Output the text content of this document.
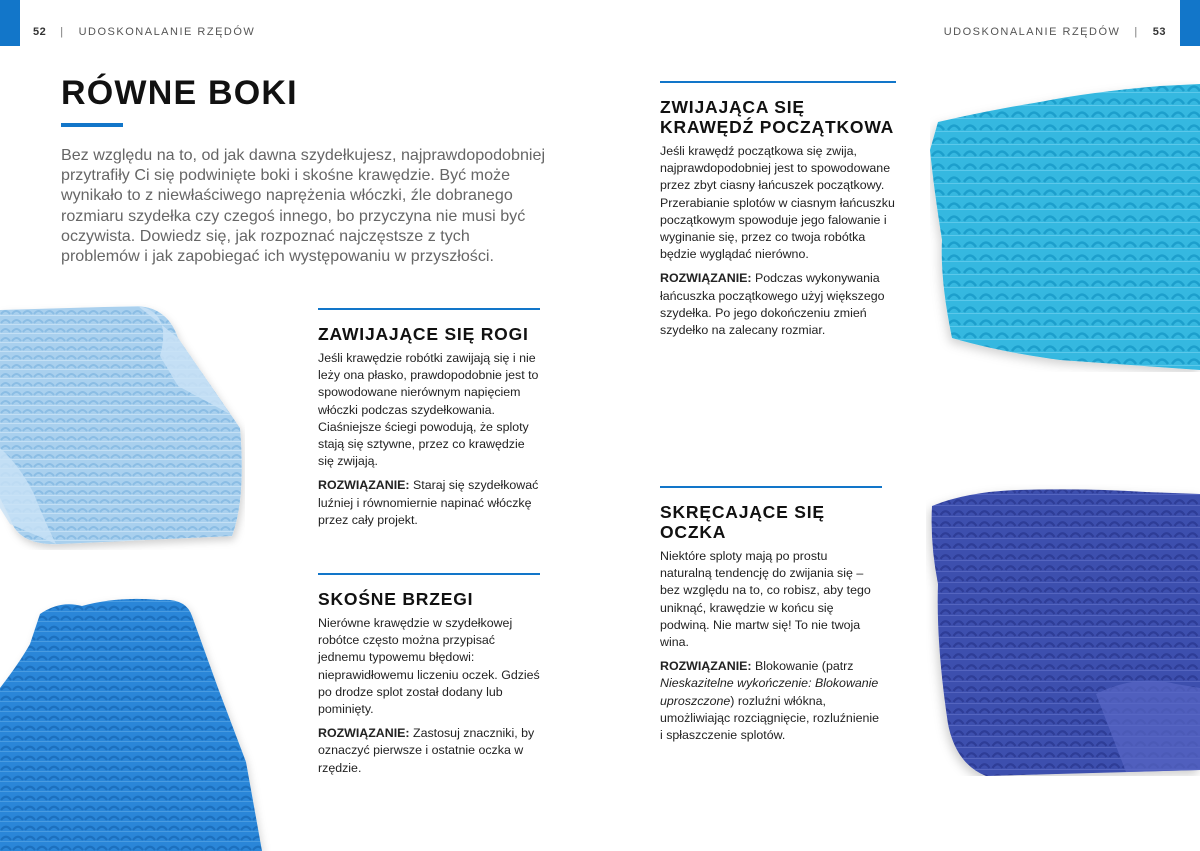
52 | UDOSKONALANIE RZĘDÓW
RÓWNE BOKI

Bez względu na to, od jak dawna szydełkujesz, najprawdopodobniej przytrafiły Ci się podwinięte boki i skośne krawędzie. Być może wynikało to z niewłaściwego naprężenia włóczki, źle dobranego rozmiaru szydełka czy czegoś innego, bo przyczyna nie musi być oczywista. Dowiedz się, jak rozpoznać najczęstsze z tych problemów i jak zapobiegać ich występowaniu w przyszłości.

ZAWIJAJĄCE SIĘ ROGI

Jeśli krawędzie robótki zawijają się i nie leży ona płasko, prawdopodobnie jest to spowodowane nierównym napięciem włóczki podczas szydełkowania. Ciaśniejsze ściegi powodują, że sploty stają się sztywne, przez co krawędzie się zwijają.

ROZWIĄZANIE: Staraj się szydełkować luźniej i równomiernie napinać włóczkę przez cały projekt.

SKOŚNE BRZEGI

Nierówne krawędzie w szydełkowej robótce często można przypisać jednemu typowemu błędowi: nieprawidłowemu liczeniu oczek. Gdzieś po drodze splot został dodany lub pominięty.

ROZWIĄZANIE: Zastosuj znaczniki, by oznaczyć pierwsze i ostatnie oczka w rzędzie.

UDOSKONALANIE RZĘDÓW | 53
ZWIJAJĄCA SIĘ KRAWĘDŹ POCZĄTKOWA

Jeśli krawędź początkowa się zwija, najprawdopodobniej jest to spowodowane przez zbyt ciasny łańcuszek początkowy. Przerabianie splotów w ciasnym łańcuszku początkowym spowoduje jego falowanie i wyginanie się, przez co twoja robótka będzie wyglądać nierówno.

ROZWIĄZANIE: Podczas wykonywania łańcuszka początkowego użyj większego szydełka. Po jego dokończeniu zmień szydełko na zalecany rozmiar.

SKRĘCAJĄCE SIĘ OCZKA

Niektóre sploty mają po prostu naturalną tendencję do zwijania się – bez względu na to, co robisz, aby tego uniknąć, krawędzie w końcu się podwiną. Nie martw się! To nie twoja wina.

ROZWIĄZANIE: Blokowanie (patrz Nieskazitelne wykończenie: Blokowanie uproszczone) rozluźni włókna, umożliwiając rozciągnięcie, rozluźnienie i spłaszczenie splotów.
